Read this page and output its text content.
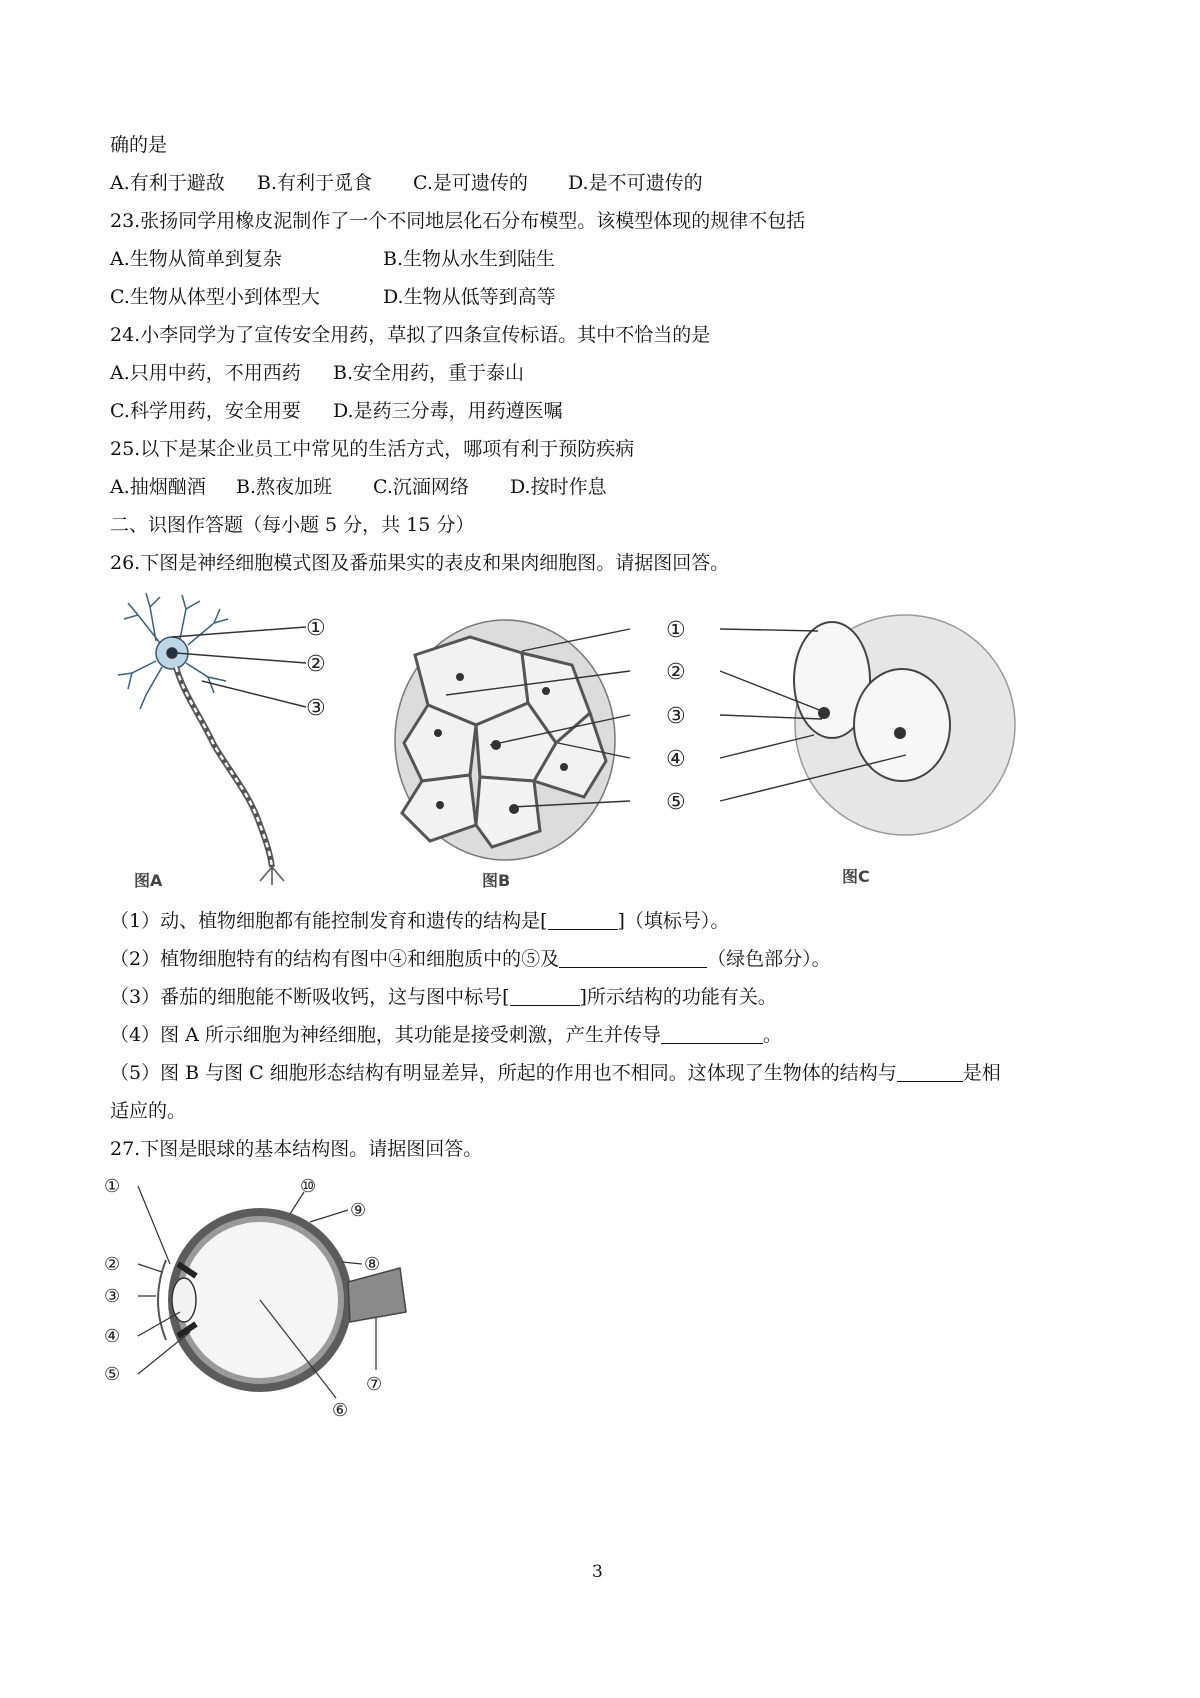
确的是
A.有利于避敌 B.有利于觅食 C.是可遗传的 D.是不可遗传的
23.张扬同学用橡皮泥制作了一个不同地层化石分布模型。该模型体现的规律不包括
A.生物从简单到复杂	B.生物从水生到陆生
C.生物从体型小到体型大	D.生物从低等到高等
24.小李同学为了宣传安全用药，草拟了四条宣传标语。其中不恰当的是
A.只用中药，不用西药 B.安全用药，重于泰山
C.科学用药，安全用要 D.是药三分毒，用药遵医嘱
25.以下是某企业员工中常见的生活方式，哪项有利于预防疾病
A.抽烟酗酒 B.熬夜加班 C.沉湎网络 D.按时作息
二、识图作答题（每小题 5 分，共 15 分）
26.下图是神经细胞模式图及番茄果实的表皮和果肉细胞图。请据图回答。
①
②
③
①
②
③
④
⑤
图A	图B	图C
（1）动、植物细胞都有能控制发育和遗传的结构是[	]（填标号）。
（2）植物细胞特有的结构有图中④和细胞质中的⑤及	（绿色部分）。
（3）番茄的细胞能不断吸收钙，这与图中标号[	]所示结构的功能有关。
（4）图 A 所示细胞为神经细胞，其功能是接受刺激，产生并传导	。
（5）图 B 与图 C 细胞形态结构有明显差异，所起的作用也不相同。这体现了生物体的结构与	是相
适应的。
27.下图是眼球的基本结构图。请据图回答。
①
②
③
④
⑤
⑥
⑦
⑧
⑨
⑩
3
